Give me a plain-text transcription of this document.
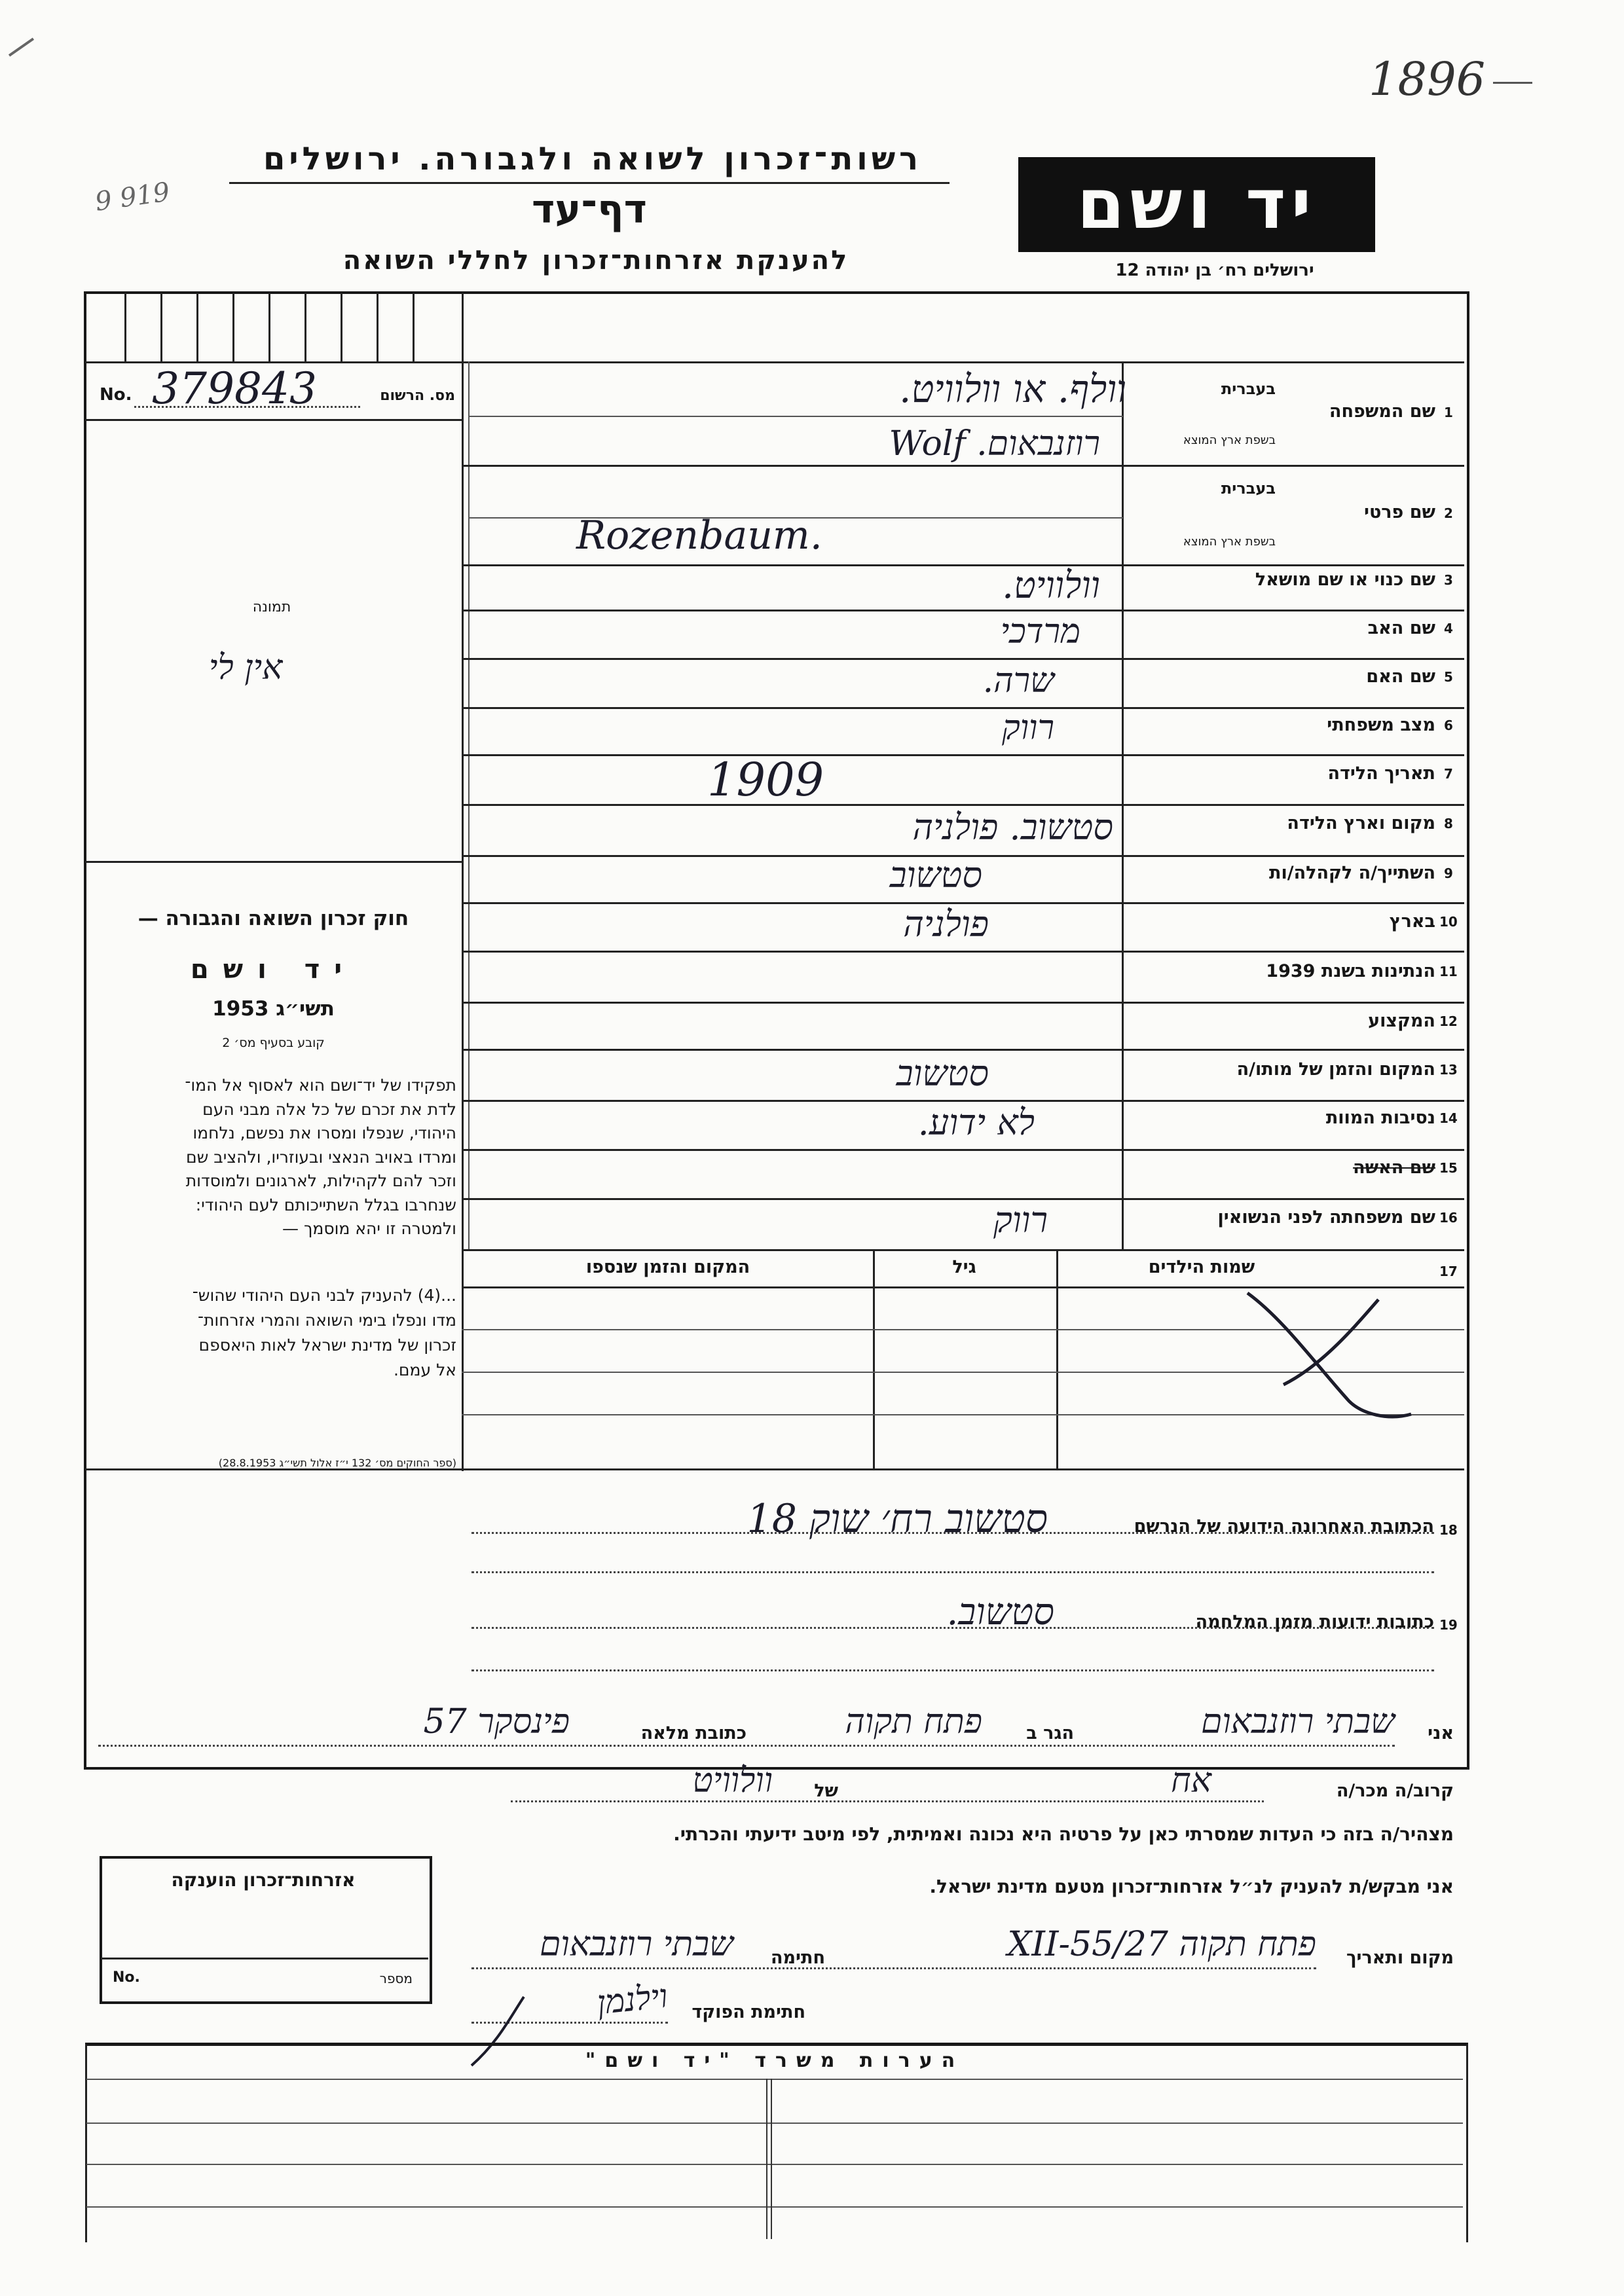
1896
9 919
רשות־זכרון לשואה ולגבורה. ירושלים
דף־עד
להענקת אזרחות־זכרון לחללי השואה
יד ושם
ירושלים רח׳ בן יהודה 12
No. 379843	מס. הרשום
תמונה
אין לי
חוק זכרון השואה והגבורה —
יד ושם
תשי״ג 1953
קובע בסעיף מס׳ 2
תפקידו של יד־ושם הוא לאסוף אל המו־
לדת את זכרם של כל אלה מבני העם
היהודי, שנפלו ומסרו את נפשם, נלחמו
ומרדו באויב הנאצי ובעוזריו, ולהציב שם
וזכר להם לקהילות, לארגונים ולמוסדות
שנחרבו בגלל השתייכותם לעם היהודי:
ולמטרה זו יהא מוסמך —
...(4) להעניק לבני העם היהודי שהוש־
מדו ונפלו בימי השואה והמרי אזרחות־
זכרון של מדינת ישראל לאות היאספם
אל עמם.
(ספר החוקים מס׳ 132 י״ז אלול תשי״ג 28.8.1953)
1
שם המשפחה
בעברית
בשפת ארץ המוצא
וולף. או וולוויט.
רוזנבאום. Wolf
2
שם פרטי
בעברית
בשפת ארץ המוצא
Rozenbaum.
3
שם כנוי או שם מושאל
וולוויט.
4
שם האב
מרדכי
5
שם האם
שרה.
6
מצב משפחתי
רווק
7
תאריך הלידה
1909
8
מקום וארץ הלידה
סטשוב. פולניה
9
השתייך/ה לקהלה/ות
סטשוב
10
בארץ
פולניה
11
הנתינות בשנת 1939
12
המקצוע
13
המקום והזמן של מותו/ה
סטשוב
14
נסיבות המוות
לא ידוע.
15
שם האשה
16
שם משפחתה לפני הנשואין
רווק
17
שמות הילדים
גיל
המקום והזמן שנספו
18
הכתובת האחרונה הידועה של הנרשם
סטשוב רח׳ שוק 18
19
כתובות ידועות מזמן המלחמה
סטשוב.
אני
שבתי רוזנבאום
הגר ב
פתח תקוה
כתובת מלאה
פינסקר 57
קרוב/ה מכר/ה
אח
של
וולוויט
מצהיר/ה בזה כי העדות שמסרתי כאן על פרטיה היא נכונה ואמיתית, לפי מיטב ידיעתי והכרתי.
אני מבקש/ת להעניק לנ״ל אזרחות־זכרון מטעם מדינת ישראל.
מקום ותאריך
פתח תקוה 27/XII-55
חתימה
שבתי רוזנבאום
חתימת הפוקד
וילנמן
אזרחות־זכרון הוענקה
No.	מספר
הערות משרד "יד ושם"
